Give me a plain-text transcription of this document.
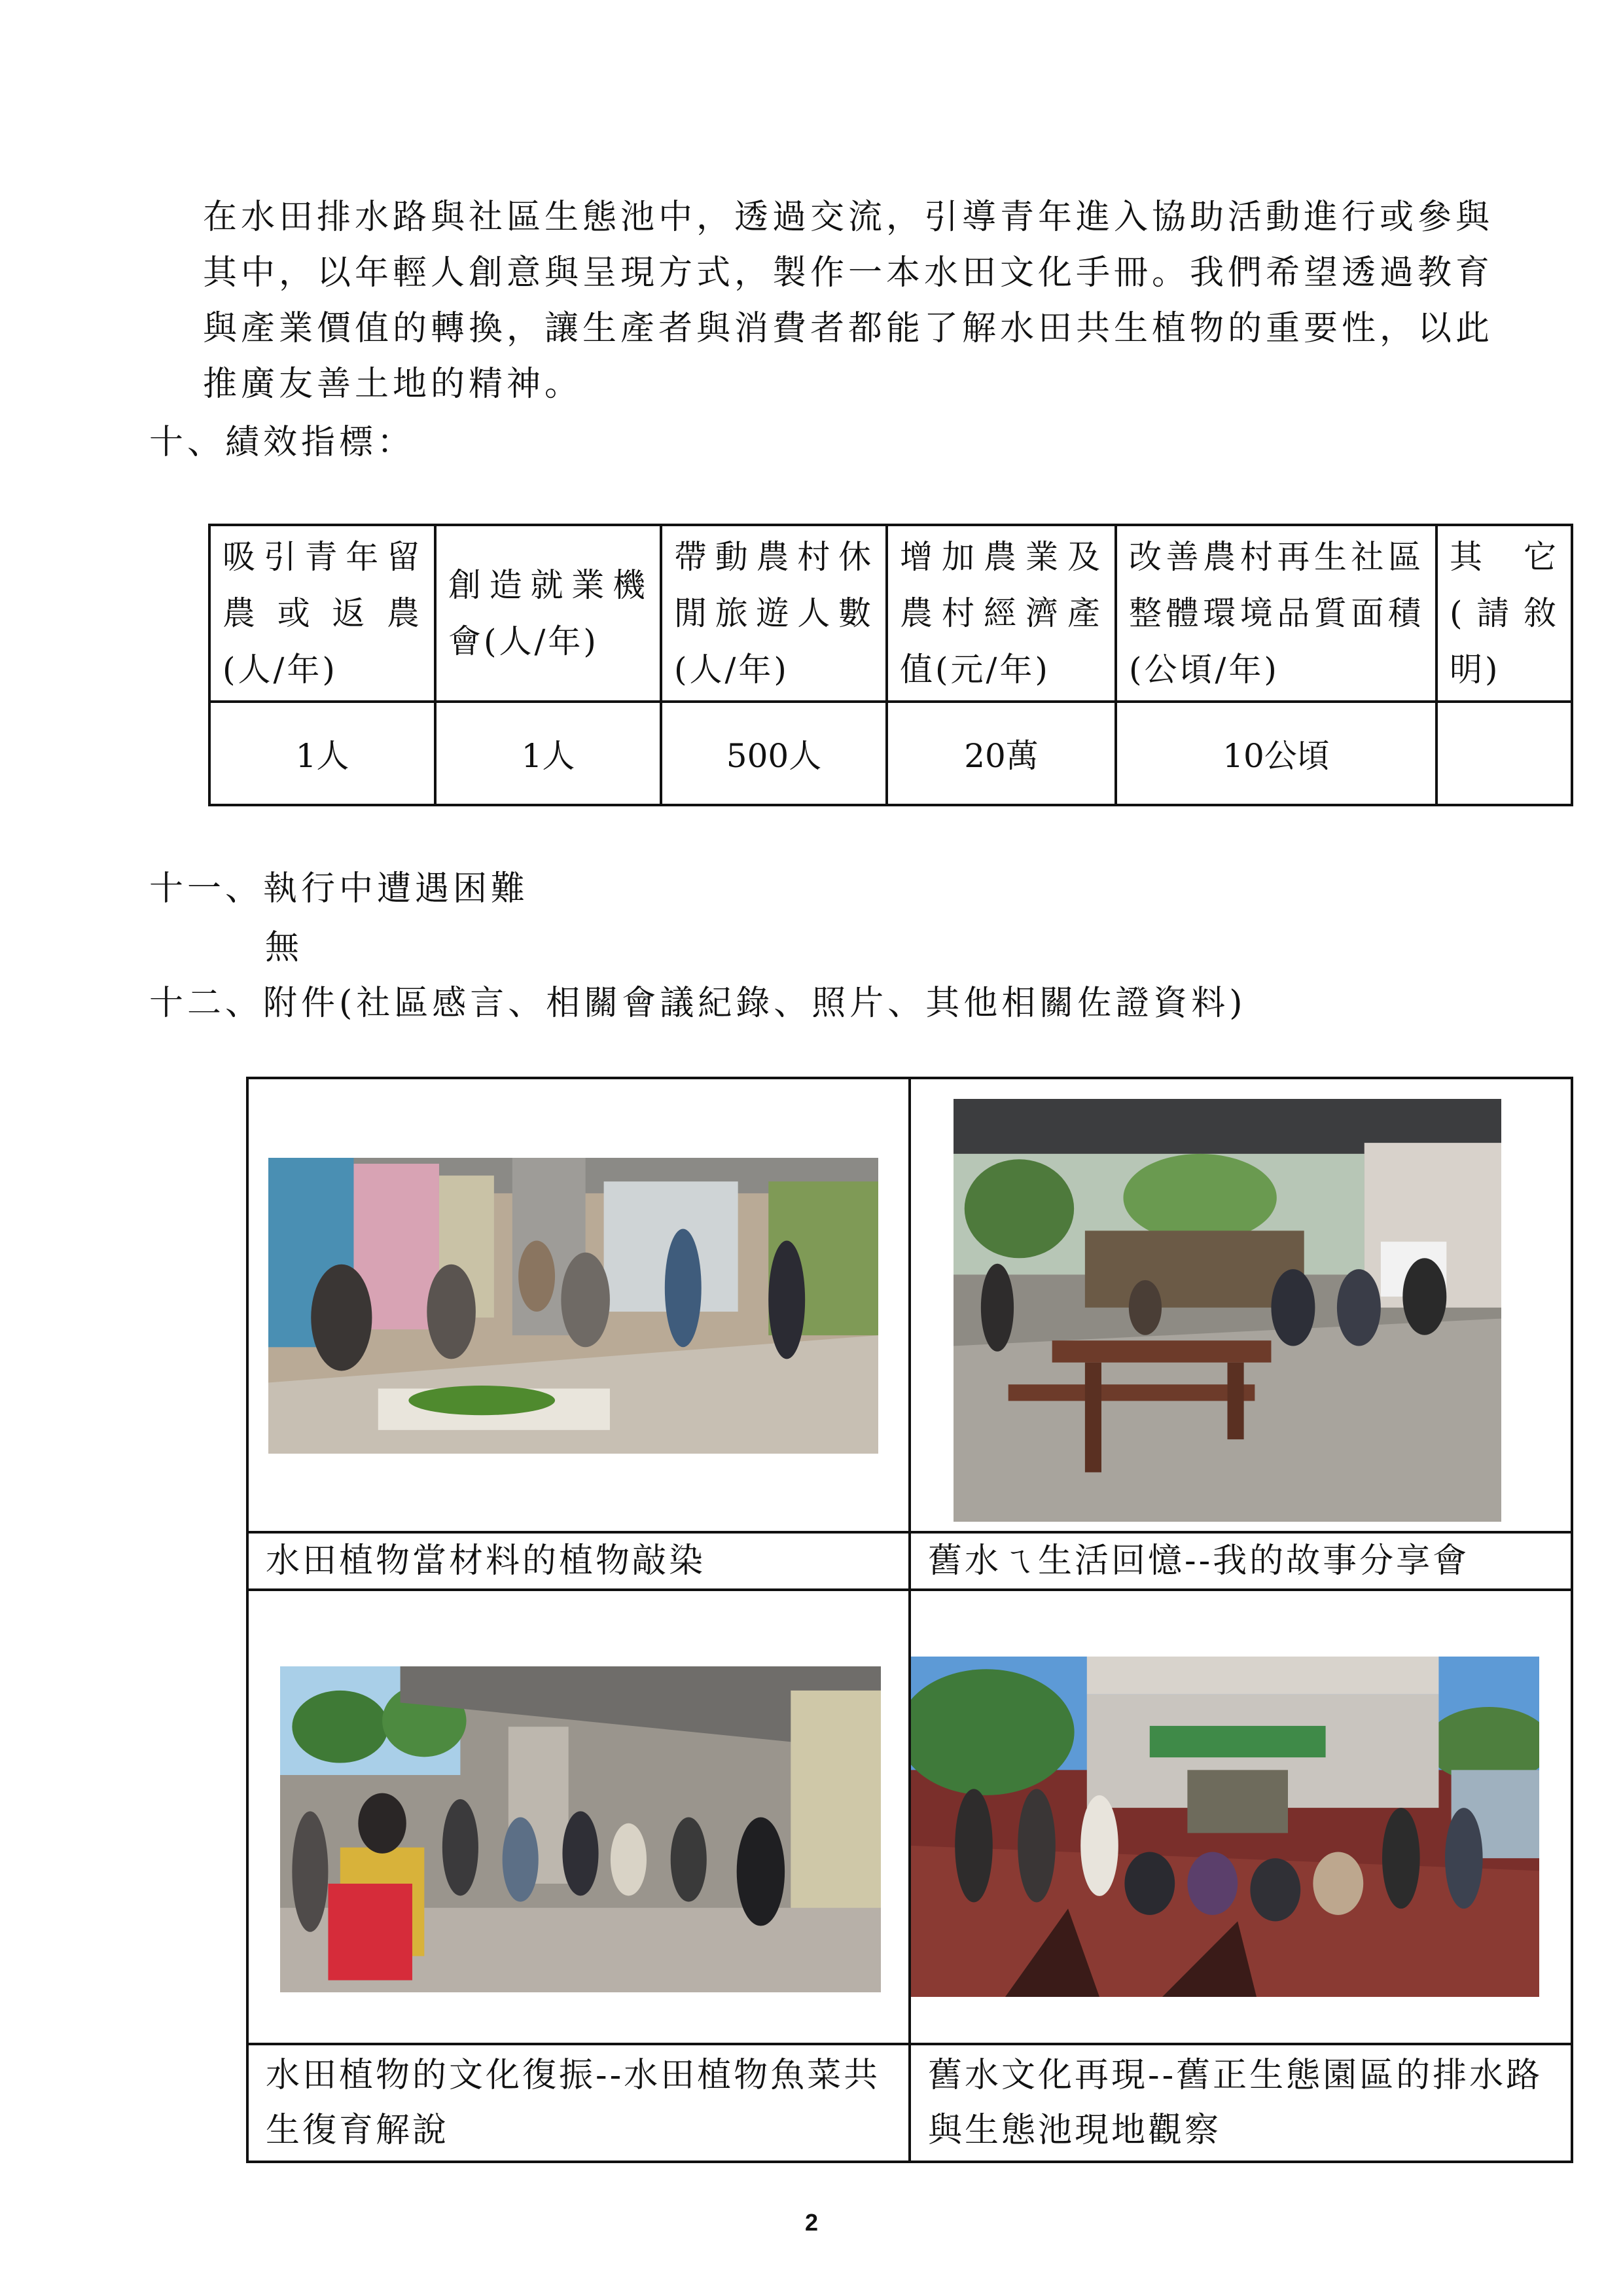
在水田排水路與社區生態池中，透過交流，引導青年進入協助活動進行或參與

其中，以年輕人創意與呈現方式，製作一本水田文化手冊。我們希望透過教育

與產業價值的轉換，讓生產者與消費者都能了解水田共生植物的重要性，以此

推廣友善土地的精神。

十、績效指標：
吸引青年留農或返農(人/年)	創造就業機會(人/年)	帶動農村休閒旅遊人數(人/年)	增加農業及農村經濟產值(元/年)	改善農村再生社區整體環境品質面積(公頃/年)	其它(請敘明)
1人	1人	500人	20萬	10公頃	
十一、執行中遭遇困難
無
十二、附件(社區感言、相關會議紀錄、照片、其他相關佐證資料)

水田植物當材料的植物敲染	舊水ㄟ生活回憶--我的故事分享會

水田植物的文化復振--水田植物魚菜共生復育解說	舊水文化再現--舊正生態園區的排水路與生態池現地觀察
2
